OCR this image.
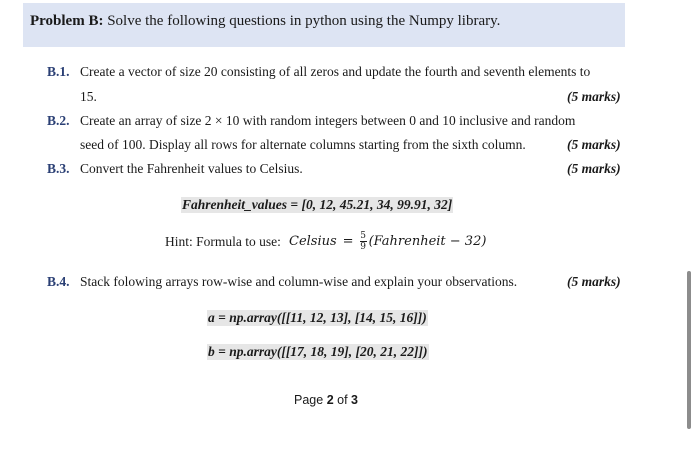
Problem B: Solve the following questions in python using the Numpy library.
B.1. Create a vector of size 20 consisting of all zeros and update the fourth and seventh elements to
15.	(5 marks)
B.2. Create an array of size 2 × 10 with random integers between 0 and 10 inclusive and random
seed of 100. Display all rows for alternate columns starting from the sixth column.	(5 marks)
B.3. Convert the Fahrenheit values to Celsius.	(5 marks)
Fahrenheit_values = [0, 12, 45.21, 34, 99.91, 32]
Hint: Formula to use: Celsius = $\frac{5}{9}$ (Fahrenheit − 32)
B.4. Stack folowing arrays row-wise and column-wise and explain your observations.	(5 marks)
a = np.array([[11, 12, 13], [14, 15, 16]])
b = np.array([[17, 18, 19], [20, 21, 22]])
Page 2 of 3
